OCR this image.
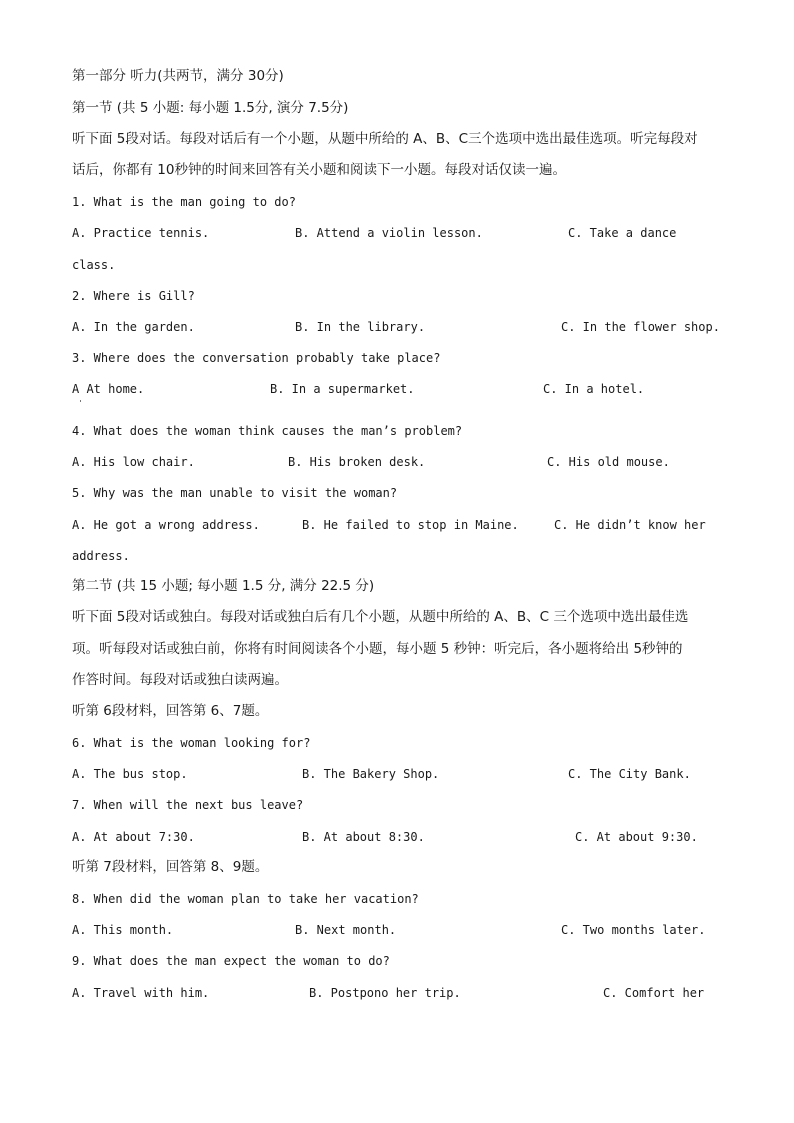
第一部分 听力(共两节，满分 30分)
第一节 (共 5 小题: 每小题 1.5分, 演分 7.5分)
听下面 5段对话。每段对话后有一个小题，从题中所给的 A、B、C三个选项中选出最佳选项。听完每段对
话后，你都有 10秒钟的时间来回答有关小题和阅读下一小题。每段对话仅读一遍。
1. What is the man going to do?
A. Practice tennis.	B. Attend a violin lesson.	C. Take a dance
class.
2. Where is Gill?
A. In the garden.	B. In the library.	C. In the flower shop.
3. Where does the conversation probably take place?
A At home.	B. In a supermarket.	C. In a hotel.
4. What does the woman think causes the man’s problem?
A. His low chair.	B. His broken desk.	C. His old mouse.
5. Why was the man unable to visit the woman?
A. He got a wrong address.	B. He failed to stop in Maine.	C. He didn’t know her
address.
第二节 (共 15 小题; 每小题 1.5 分, 满分 22.5 分)
听下面 5段对话或独白。每段对话或独白后有几个小题，从题中所给的 A、B、C 三个选项中选出最佳选
项。听每段对话或独白前，你将有时间阅读各个小题，每小题 5 秒钟：听完后，各小题将给出 5秒钟的
作答时间。每段对话或独白读两遍。
听第 6段材料，回答第 6、7题。
6. What is the woman looking for?
A. The bus stop.	B. The Bakery Shop.	C. The City Bank.
7. When will the next bus leave?
A. At about 7:30.	B. At about 8:30.	C. At about 9:30.
听第 7段材料，回答第 8、9题。
8. When did the woman plan to take her vacation?
A. This month.	B. Next month.	C. Two months later.
9. What does the man expect the woman to do?
A. Travel with him.	B. Postpono her trip.	C. Comfort her
